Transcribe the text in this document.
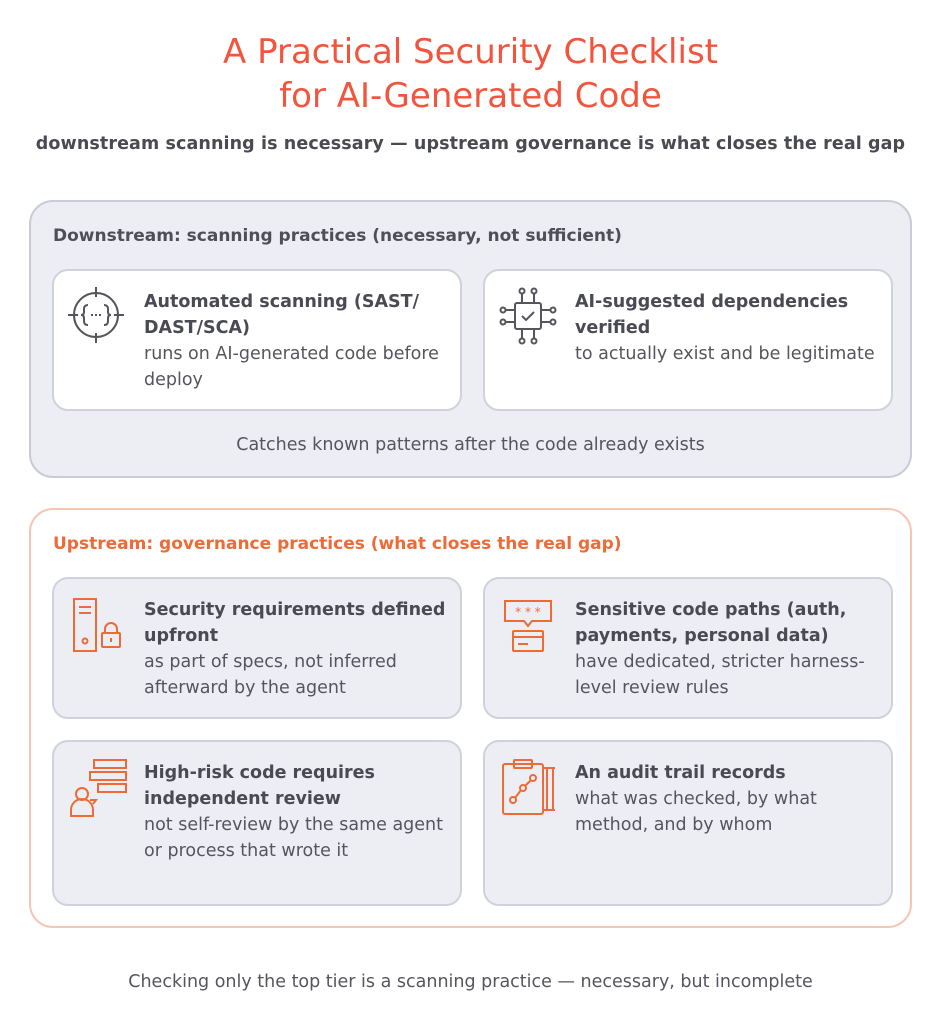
A Practical Security Checklist
for AI-Generated Code
downstream scanning is necessary — upstream governance is what closes the real gap
Downstream: scanning practices (necessary, not sufficient)
Automated scanning (SAST/ DAST/SCA)
runs on AI-generated code before deploy
AI-suggested dependencies verified
to actually exist and be legitimate
Catches known patterns after the code already exists
Upstream: governance practices (what closes the real gap)
Security requirements defined upfront
as part of specs, not inferred afterward by the agent
* * * Sensitive code paths (auth, payments, personal data)
have dedicated, stricter harness-level review rules
High-risk code requires independent review
not self-review by the same agent or process that wrote it
An audit trail records
what was checked, by what method, and by whom
Checking only the top tier is a scanning practice — necessary, but incomplete
